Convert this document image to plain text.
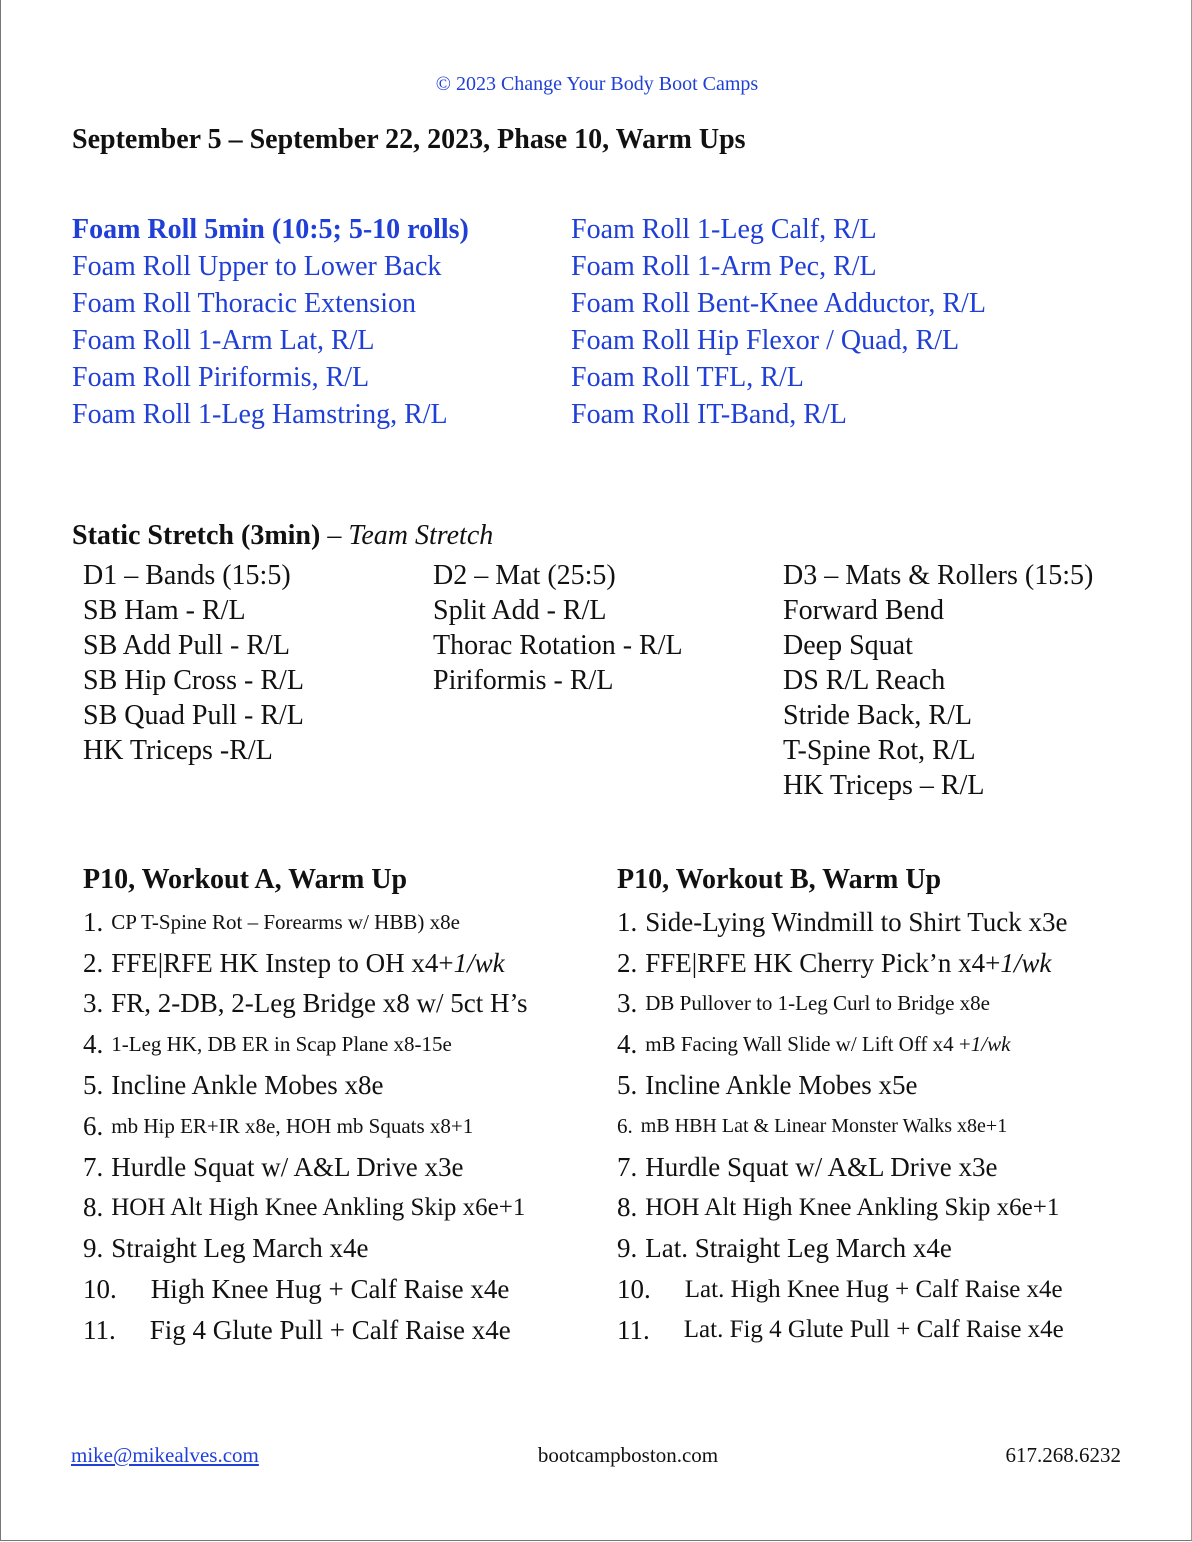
© 2023 Change Your Body Boot Camps
September 5 – September 22, 2023, Phase 10, Warm Ups
Foam Roll 5min (10:5; 5-10 rolls)
Foam Roll Upper to Lower Back
Foam Roll Thoracic Extension
Foam Roll 1-Arm Lat, R/L
Foam Roll Piriformis, R/L
Foam Roll 1-Leg Hamstring, R/L
Foam Roll 1-Leg Calf, R/L
Foam Roll 1-Arm Pec, R/L
Foam Roll Bent-Knee Adductor, R/L
Foam Roll Hip Flexor / Quad, R/L
Foam Roll TFL, R/L
Foam Roll IT-Band, R/L
Static Stretch (3min) – Team Stretch
D1 – Bands (15:5)
SB Ham - R/L
SB Add Pull - R/L
SB Hip Cross - R/L
SB Quad Pull - R/L
HK Triceps -R/L
D2 – Mat (25:5)
Split Add - R/L
Thorac Rotation - R/L
Piriformis - R/L
D3 – Mats & Rollers (15:5)
Forward Bend
Deep Squat
DS R/L Reach
Stride Back, R/L
T-Spine Rot, R/L
HK Triceps – R/L
P10, Workout A, Warm Up
1. CP T-Spine Rot – Forearms w/ HBB) x8e
2. FFE|RFE HK Instep to OH x4+1/wk
3. FR, 2-DB, 2-Leg Bridge x8 w/ 5ct H’s
4. 1-Leg HK, DB ER in Scap Plane x8-15e
5. Incline Ankle Mobes x8e
6. mb Hip ER+IR x8e, HOH mb Squats x8+1
7. Hurdle Squat w/ A&L Drive x3e
8. HOH Alt High Knee Ankling Skip x6e+1
9. Straight Leg March x4e
10. High Knee Hug + Calf Raise x4e
11. Fig 4 Glute Pull + Calf Raise x4e
P10, Workout B, Warm Up
1. Side-Lying Windmill to Shirt Tuck x3e
2. FFE|RFE HK Cherry Pick’n x4+1/wk
3. DB Pullover to 1-Leg Curl to Bridge x8e
4. mB Facing Wall Slide w/ Lift Off x4 +1/wk
5. Incline Ankle Mobes x5e
6. mB HBH Lat & Linear Monster Walks x8e+1
7. Hurdle Squat w/ A&L Drive x3e
8. HOH Alt High Knee Ankling Skip x6e+1
9. Lat. Straight Leg March x4e
10. Lat. High Knee Hug + Calf Raise x4e
11. Lat. Fig 4 Glute Pull + Calf Raise x4e
mike@mikealves.com	bootcampboston.com	617.268.6232
